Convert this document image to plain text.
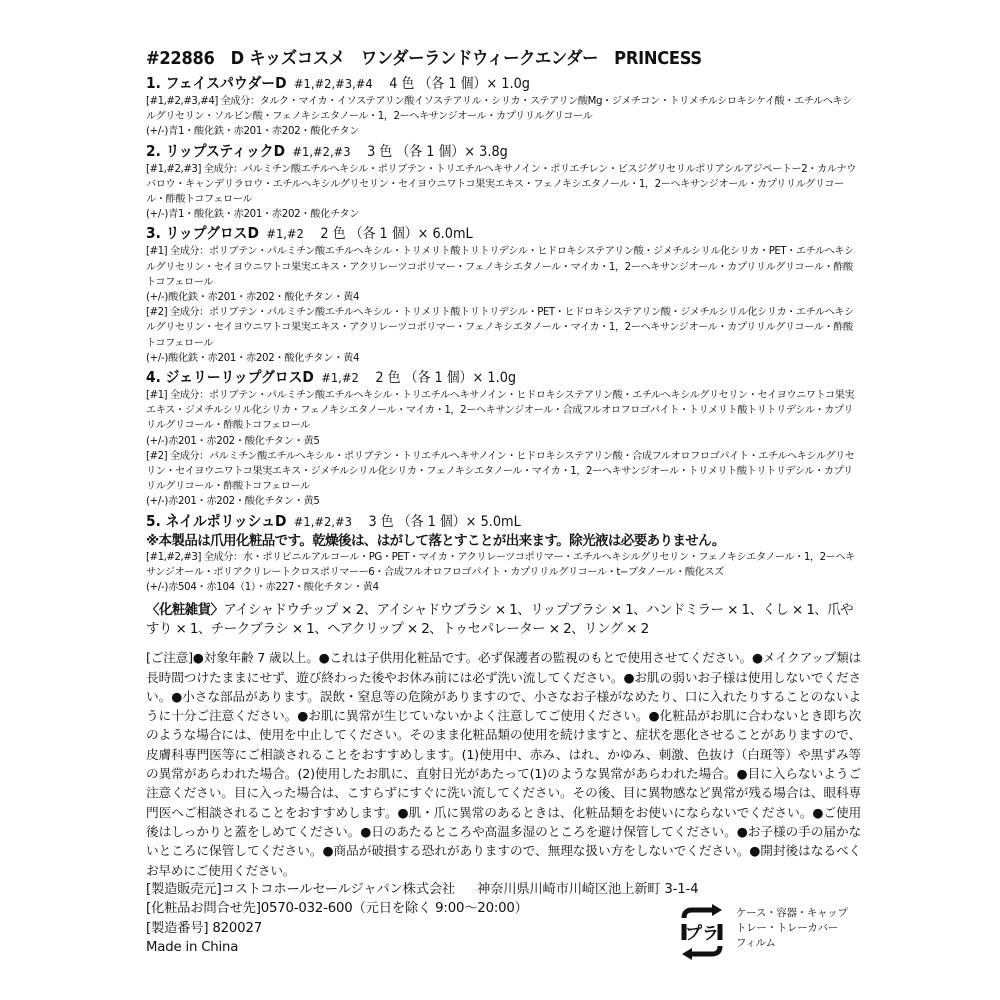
#22886　D キッズコスメ　ワンダーランドウィークエンダー　PRINCESS
1. フェイスパウダーD #1,#2,#3,#4 4 色 （各 1 個）× 1.0g
[#1,#2,#3,#4] 全成分：タルク・マイカ・イソステアリン酸イソステアリル・シリカ・ステアリン酸Mg・ジメチコン・トリメチルシロキシケイ酸・エチルヘキシルグリセリン・ソルビン酸・フェノキシエタノール・1，2ーヘキサンジオール・カプリリルグリコール
(+/-)青1・酸化鉄・赤201・赤202・酸化チタン
2. リップスティックD #1,#2,#3 3 色 （各 1 個）× 3.8g
[#1,#2,#3] 全成分：パルミチン酸エチルヘキシル・ポリブテン・トリエチルヘキサノイン・ポリエチレン・ビスジグリセリルポリアシルアジペートー2・カルナウバロウ・キャンデリラロウ・エチルヘキシルグリセリン・セイヨウニワトコ果実エキス・フェノキシエタノール・1，2ーヘキサンジオール・カプリリルグリコール・酢酸トコフェロール
(+/-)青1・酸化鉄・赤201・赤202・酸化チタン
3. リップグロスD #1,#2 2 色 （各 1 個）× 6.0mL
[#1] 全成分：ポリブテン・パルミチン酸エチルヘキシル・トリメリト酸トリトリデシル・ヒドロキシステアリン酸・ジメチルシリル化シリカ・PET・エチルヘキシルグリセリン・セイヨウニワトコ果実エキス・アクリレーツコポリマー・フェノキシエタノール・マイカ・1，2ーヘキサンジオール・カプリリルグリコール・酢酸トコフェロール
(+/-)酸化鉄・赤201・赤202・酸化チタン・黄4
[#2] 全成分：ポリブテン・パルミチン酸エチルヘキシル・トリメリト酸トリトリデシル・PET・ヒドロキシステアリン酸・ジメチルシリル化シリカ・エチルヘキシルグリセリン・セイヨウニワトコ果実エキス・アクリレーツコポリマー・フェノキシエタノール・マイカ・1，2ーヘキサンジオール・カプリリルグリコール・酢酸トコフェロール
(+/-)酸化鉄・赤201・赤202・酸化チタン・黄4
4. ジェリーリップグロスD #1,#2 2 色 （各 1 個）× 1.0g
[#1] 全成分：ポリブテン・パルミチン酸エチルヘキシル・トリエチルヘキサノイン・ヒドロキシステアリン酸・エチルヘキシルグリセリン・セイヨウニワトコ果実エキス・ジメチルシリル化シリカ・フェノキシエタノール・マイカ・1，2ーヘキサンジオール・合成フルオロフロゴパイト・トリメリト酸トリトリデシル・カプリリルグリコール・酢酸トコフェロール
(+/-)赤201・赤202・酸化チタン・黄5
[#2] 全成分：パルミチン酸エチルヘキシル・ポリブテン・トリエチルヘキサノイン・ヒドロキシステアリン酸・合成フルオロフロゴパイト・エチルヘキシルグリセリン・セイヨウニワトコ果実エキス・ジメチルシリル化シリカ・フェノキシエタノール・マイカ・1，2ーヘキサンジオール・トリメリト酸トリトリデシル・カプリリルグリコール・酢酸トコフェロール
(+/-)赤201・赤202・酸化チタン・黄5
5. ネイルポリッシュD #1,#2,#3 3 色 （各 1 個）× 5.0mL
※本製品は爪用化粧品です。乾燥後は、はがして落とすことが出来ます。除光液は必要ありません。
[#1,#2,#3] 全成分：水・ポリビニルアルコール・PG・PET・マイカ・アクリレーツコポリマー・エチルヘキシルグリセリン・フェノキシエタノール・1，2ーヘキサンジオール・ポリアクリレートクロスポリマーー6・合成フルオロフロゴパイト・カプリリルグリコール・t−ブタノール・酸化スズ
(+/-)赤504・赤104（1）・赤227・酸化チタン・黄4
〈化粧雑貨〉アイシャドウチップ × 2、アイシャドウブラシ × 1、リップブラシ × 1、ハンドミラー × 1、くし × 1、爪やすり × 1、チークブラシ × 1、ヘアクリップ × 2、トゥセパレーター × 2、リング × 2
[ご注意]●対象年齢 7 歳以上。●これは子供用化粧品です。必ず保護者の監視のもとで使用させてください。●メイクアップ類は長時間つけたままにせず、遊び終わった後やお休み前には必ず洗い流してください。●お肌の弱いお子様は使用しないでください。●小さな部品があります。誤飲・窒息等の危険がありますので、小さなお子様がなめたり、口に入れたりすることのないように十分ご注意ください。●お肌に異常が生じていないかよく注意してご使用ください。●化粧品がお肌に合わないとき即ち次のような場合には、使用を中止してください。そのまま化粧品類の使用を続けますと、症状を悪化させることがありますので、皮膚科専門医等にご相談されることをおすすめします。(1)使用中、赤み、はれ、かゆみ、刺激、色抜け（白斑等）や黒ずみ等の異常があらわれた場合。(2)使用したお肌に、直射日光があたって(1)のような異常があらわれた場合。●目に入らないようご注意ください。目に入った場合は、こすらずにすぐに洗い流してください。その後、目に異物感など異常が残る場合は、眼科専門医へご相談されることをおすすめします。●肌・爪に異常のあるときは、化粧品類をお使いにならないでください。●ご使用後はしっかりと蓋をしめてください。●日のあたるところや高温多湿のところを避け保管してください。●お子様の手の届かないところに保管してください。●商品が破損する恐れがありますので、無理な扱い方をしないでください。●開封後はなるべくお早めにご使用ください。
[製造販売元]コストコホールセールジャパン株式会社 神奈川県川崎市川崎区池上新町 3-1-4
[化粧品お問合せ先]0570-032-600（元日を除く 9:00〜20:00）
[製造番号] 820027
Made in China
プラ
ケース・容器・キャップ
トレー・トレーカバー
フィルム
